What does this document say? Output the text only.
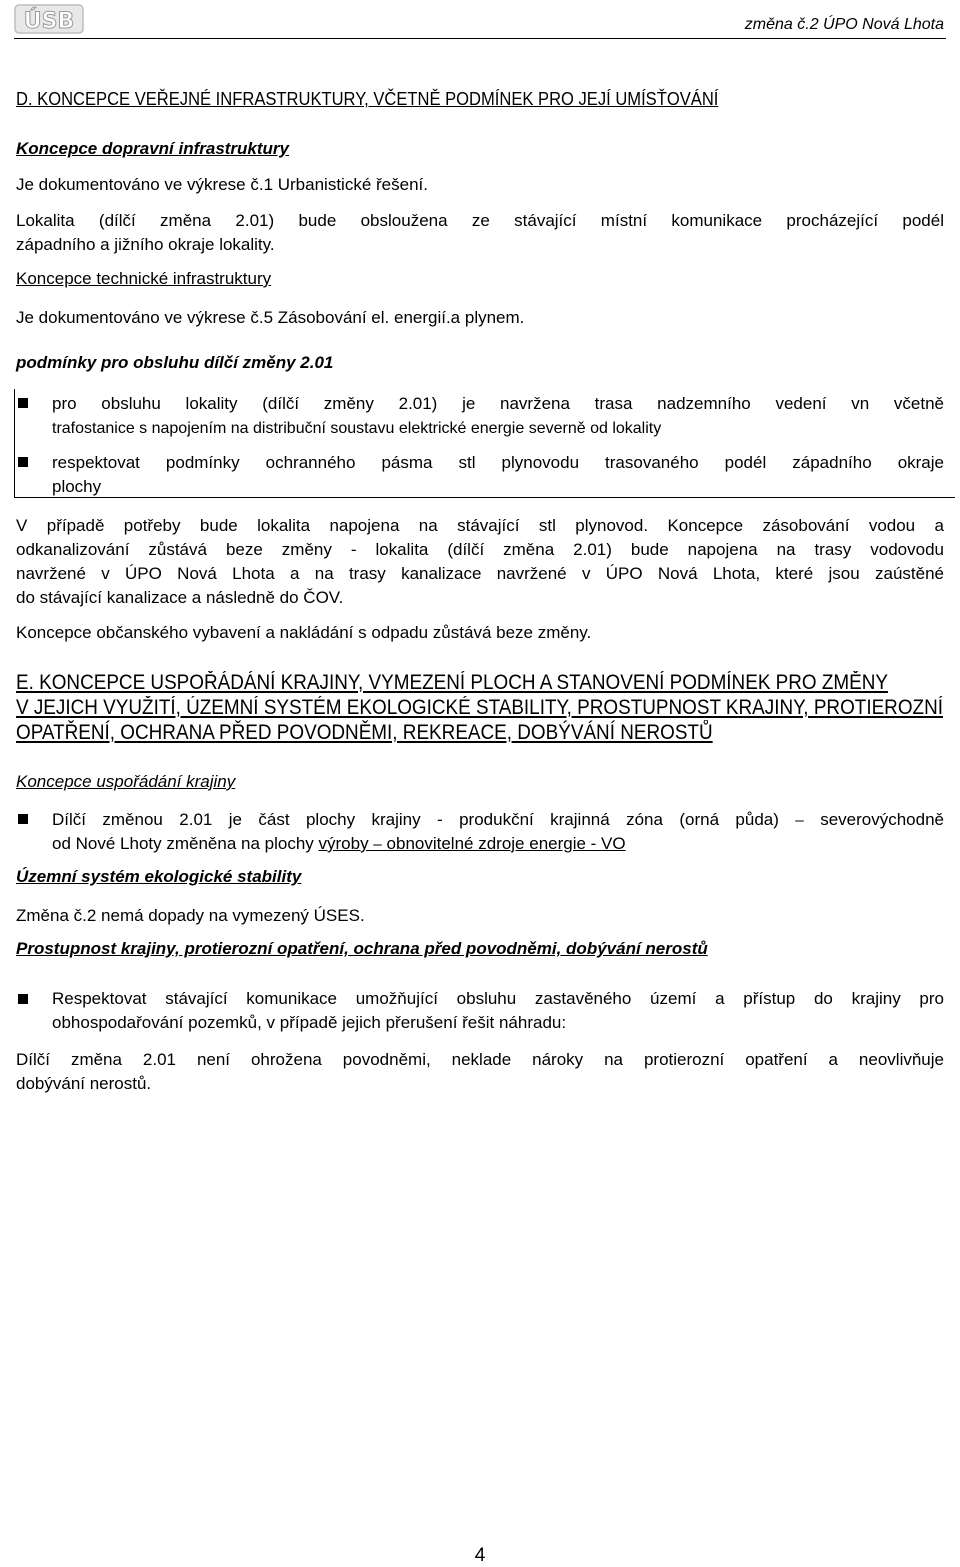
ÚSB	změna č.2 ÚPO Nová Lhota
D. KONCEPCE VEŘEJNÉ INFRASTRUKTURY, VČETNĚ PODMÍNEK PRO JEJÍ UMÍSŤOVÁNÍ
Koncepce dopravní infrastruktury
Je dokumentováno ve výkrese č.1 Urbanistické řešení.
Lokalita (dílčí změna 2.01) bude obsloužena ze stávající místní komunikace procházející podél
západního a jižního okraje lokality.
Koncepce technické infrastruktury
Je dokumentováno ve výkrese č.5 Zásobování el. energií.a plynem.
podmínky pro obsluhu dílčí změny 2.01
pro obsluhu lokality (dílčí změny 2.01) je navržena trasa nadzemního vedení vn včetně
trafostanice s napojením na distribuční soustavu elektrické energie severně od lokality
respektovat podmínky ochranného pásma stl plynovodu trasovaného podél západního okraje
plochy
V případě potřeby bude lokalita napojena na stávající stl plynovod. Koncepce zásobování vodou a
odkanalizování zůstává beze změny - lokalita (dílčí změna 2.01) bude napojena na trasy vodovodu
navržené v ÚPO Nová Lhota a na trasy kanalizace navržené v ÚPO Nová Lhota, které jsou zaústěné
do stávající kanalizace a následně do ČOV.
Koncepce občanského vybavení a nakládání s odpadu zůstává beze změny.
E. KONCEPCE USPOŘÁDÁNÍ KRAJINY, VYMEZENÍ PLOCH A STANOVENÍ PODMÍNEK PRO ZMĚNY
V JEJICH VYUŽITÍ, ÚZEMNÍ SYSTÉM EKOLOGICKÉ STABILITY, PROSTUPNOST KRAJINY, PROTIEROZNÍ
OPATŘENÍ, OCHRANA PŘED POVODNĚMI, REKREACE, DOBÝVÁNÍ NEROSTŮ
Koncepce uspořádání krajiny
Dílčí změnou 2.01 je část plochy krajiny - produkční krajinná zóna (orná půda) ⎯ severovýchodně
od Nové Lhoty změněna na plochy výroby ⎯ obnovitelné zdroje energie - VO
Územní systém ekologické stability
Změna č.2 nemá dopady na vymezený ÚSES.
Prostupnost krajiny, protierozní opatření, ochrana před povodněmi, dobývání nerostů
Respektovat stávající komunikace umožňující obsluhu zastavěného území a přístup do krajiny pro
obhospodařování pozemků, v případě jejich přerušení řešit náhradu:
Dílčí změna 2.01 není ohrožena povodněmi, neklade nároky na protierozní opatření a neovlivňuje
dobývání nerostů.
4
